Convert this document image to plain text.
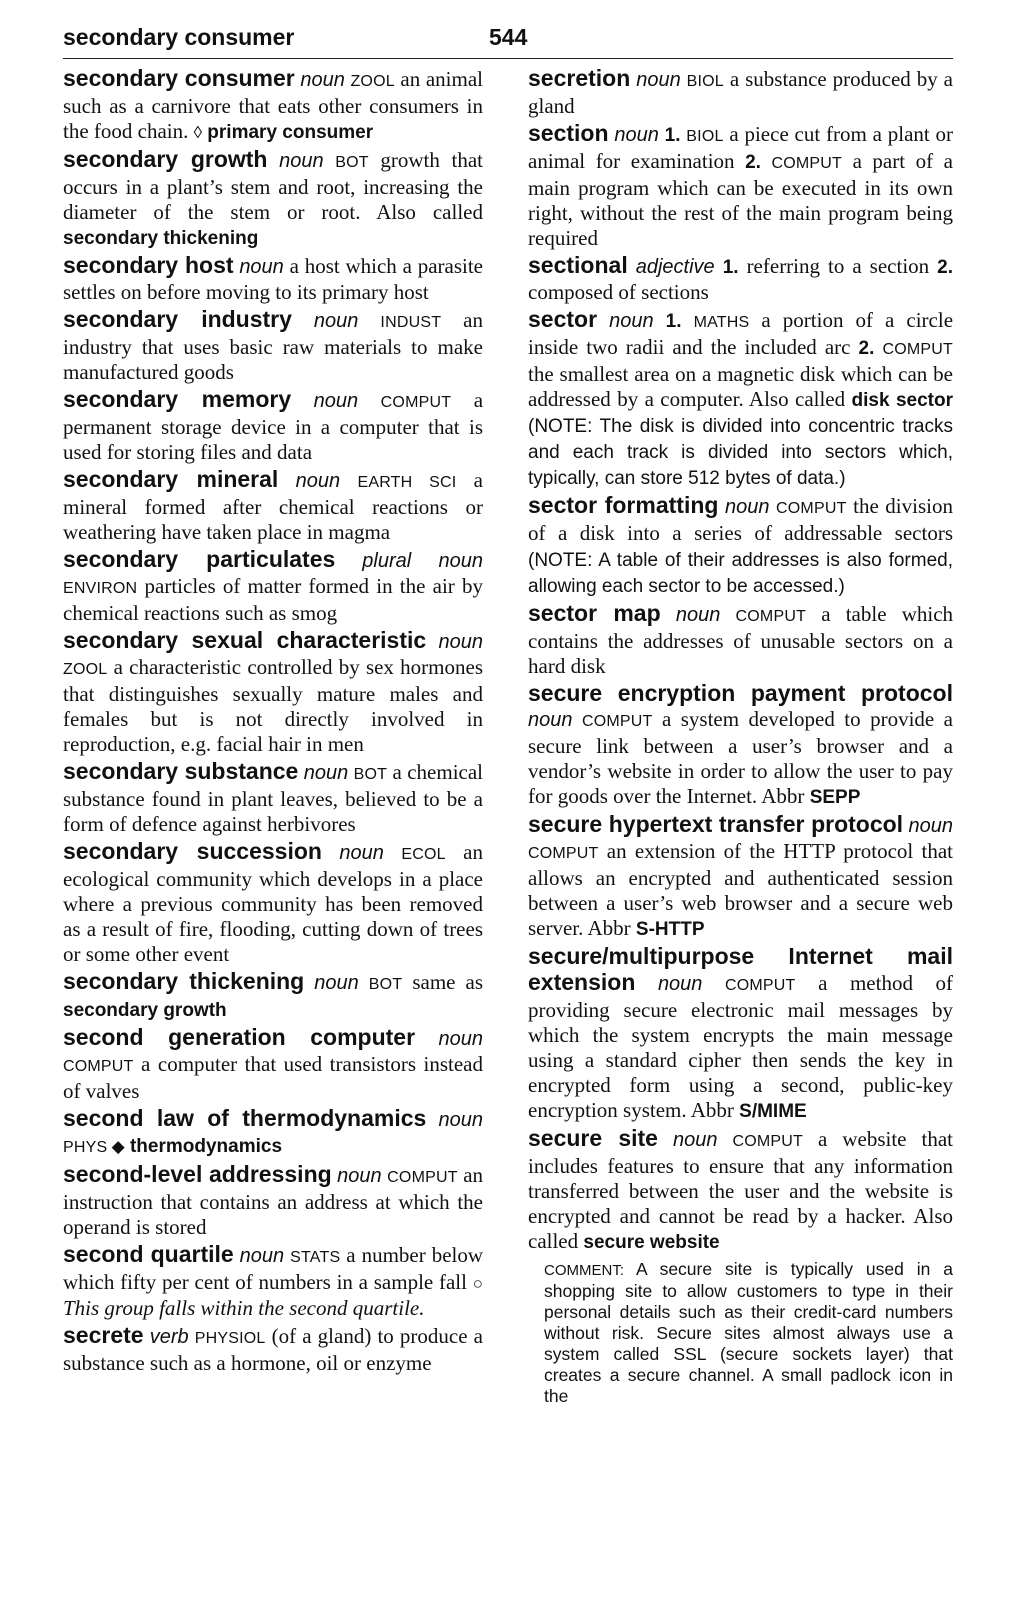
secondary consumer	544

secondary consumer noun ZOOL an animal such as a carnivore that eats other consumers in the food chain. ◊ primary consumer

secondary growth noun BOT growth that occurs in a plant’s stem and root, increasing the diameter of the stem or root. Also called secondary thickening

secondary host noun a host which a parasite settles on before moving to its primary host

secondary industry noun INDUST an industry that uses basic raw materials to make manufactured goods

secondary memory noun COMPUT a permanent storage device in a computer that is used for storing files and data

secondary mineral noun EARTH SCI a mineral formed after chemical reactions or weathering have taken place in magma

secondary particulates plural noun ENVIRON particles of matter formed in the air by chemical reactions such as smog

secondary sexual characteristic noun ZOOL a characteristic controlled by sex hormones that distinguishes sexually mature males and females but is not directly involved in reproduction, e.g. facial hair in men

secondary substance noun BOT a chemical substance found in plant leaves, believed to be a form of defence against herbivores

secondary succession noun ECOL an ecological community which develops in a place where a previous community has been removed as a result of fire, flooding, cutting down of trees or some other event

secondary thickening noun BOT same as secondary growth

second generation computer noun COMPUT a computer that used transistors instead of valves

second law of thermodynamics noun PHYS ◆ thermodynamics

second-level addressing noun COMPUT an instruction that contains an address at which the operand is stored

second quartile noun STATS a number below which fifty per cent of numbers in a sample fall ○ This group falls within the second quartile.

secrete verb PHYSIOL (of a gland) to produce a substance such as a hormone, oil or enzyme

secretion noun BIOL a substance produced by a gland

section noun 1. BIOL a piece cut from a plant or animal for examination 2. COMPUT a part of a main program which can be executed in its own right, without the rest of the main program being required

sectional adjective 1. referring to a section 2. composed of sections

sector noun 1. MATHS a portion of a circle inside two radii and the included arc 2. COMPUT the smallest area on a magnetic disk which can be addressed by a computer. Also called disk sector (NOTE: The disk is divided into concentric tracks and each track is divided into sectors which, typically, can store 512 bytes of data.)

sector formatting noun COMPUT the division of a disk into a series of addressable sectors (NOTE: A table of their addresses is also formed, allowing each sector to be accessed.)

sector map noun COMPUT a table which contains the addresses of unusable sectors on a hard disk

secure encryption payment protocol noun COMPUT a system developed to provide a secure link between a user’s browser and a vendor’s website in order to allow the user to pay for goods over the Internet. Abbr SEPP

secure hypertext transfer protocol noun COMPUT an extension of the HTTP protocol that allows an encrypted and authenticated session between a user’s web browser and a secure web server. Abbr S-HTTP

secure/multipurpose Internet mail extension noun COMPUT a method of providing secure electronic mail messages by which the system encrypts the main message using a standard cipher then sends the key in encrypted form using a second, public-key encryption system. Abbr S/MIME

secure site noun COMPUT a website that includes features to ensure that any information transferred between the user and the website is encrypted and cannot be read by a hacker. Also called secure website

COMMENT: A secure site is typically used in a shopping site to allow customers to type in their personal details such as their credit-card numbers without risk. Secure sites almost always use a system called SSL (secure sockets layer) that creates a secure channel. A small padlock icon in the
